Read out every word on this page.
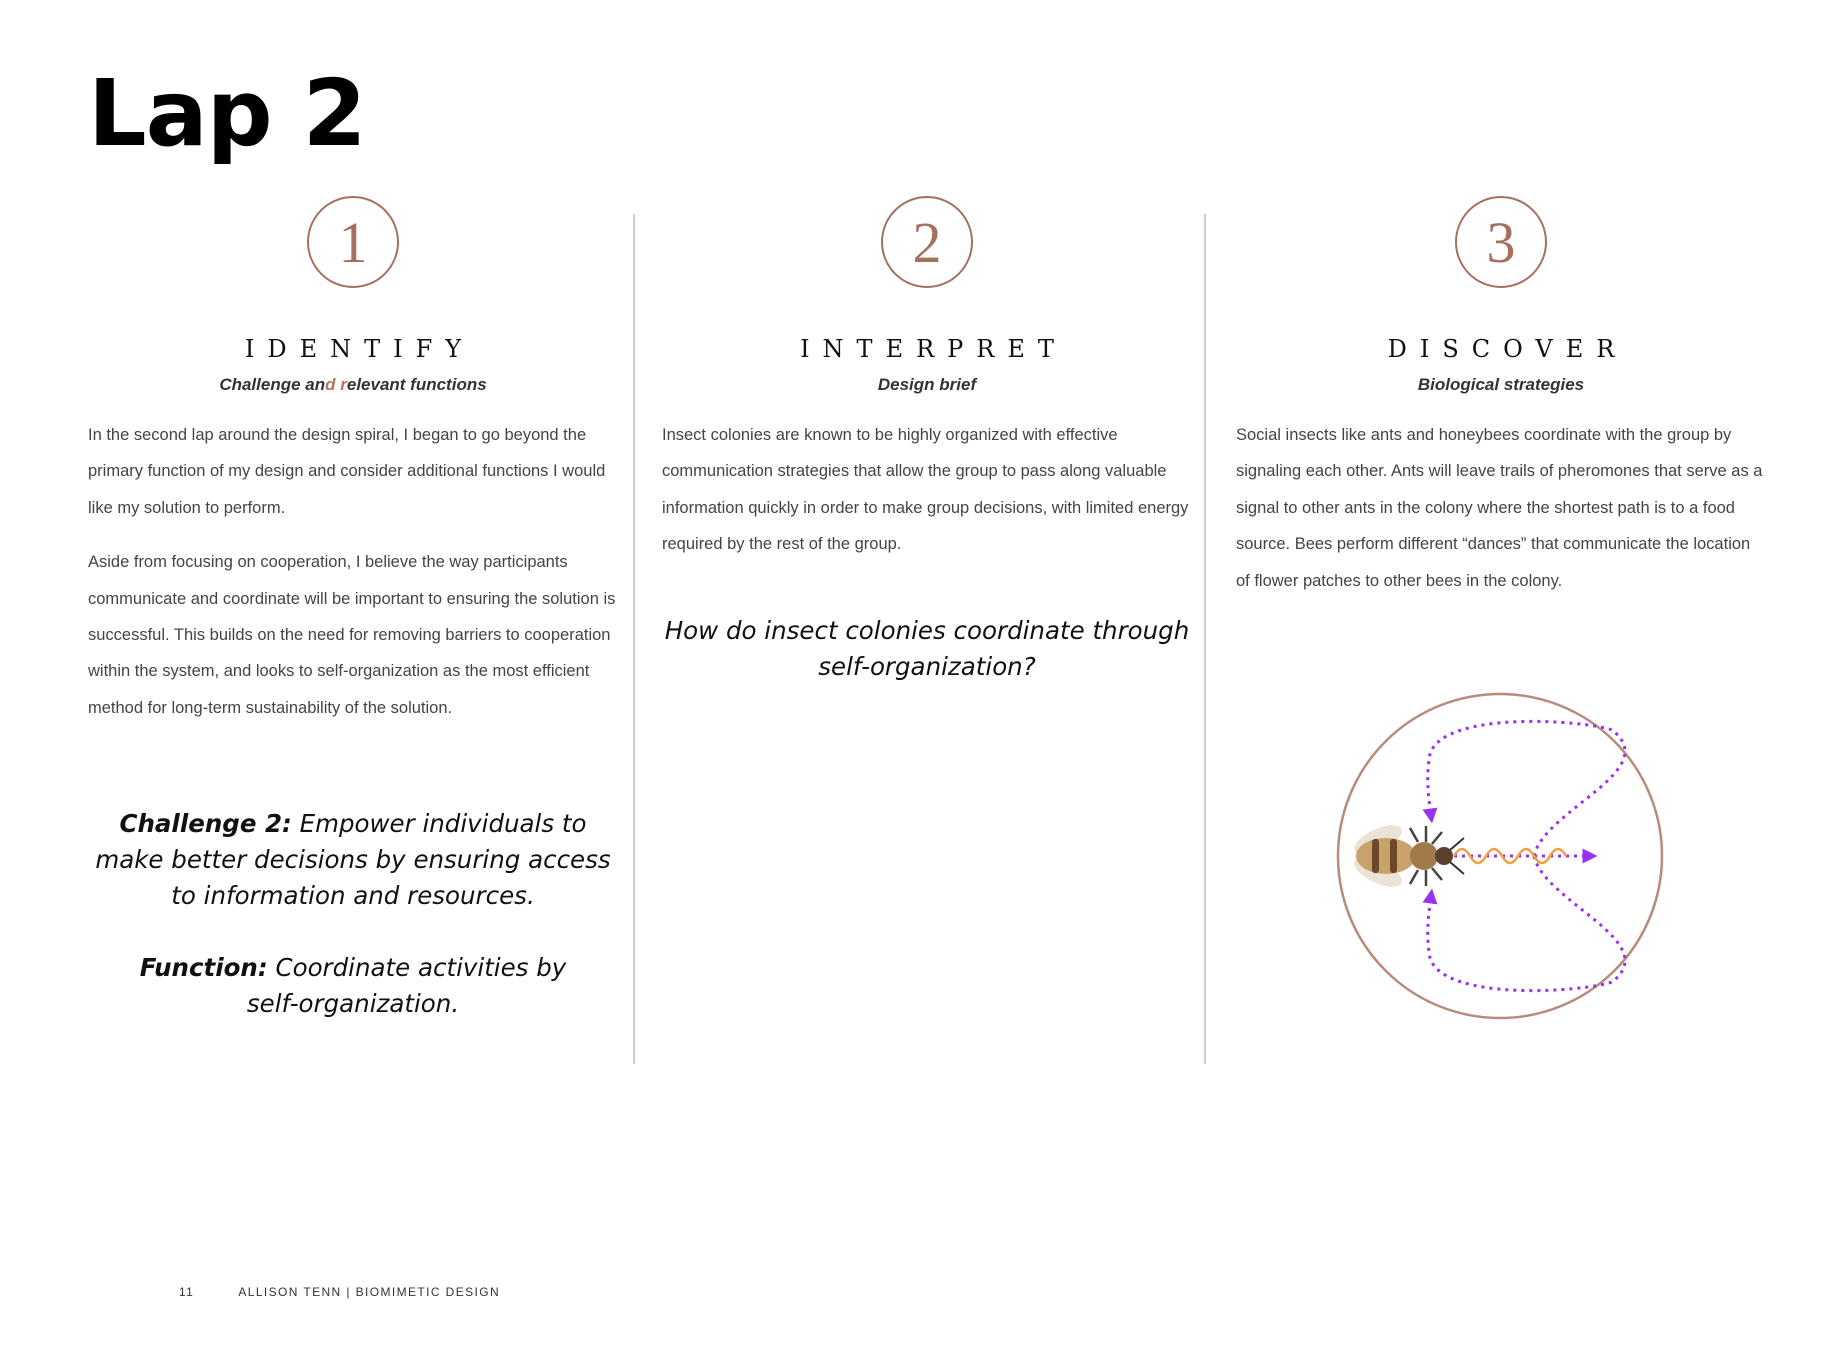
Lap 2
1
IDENTIFY
Challenge and relevant functions

In the second lap around the design spiral, I began to go beyond the primary function of my design and consider additional functions I would like my solution to perform.

Aside from focusing on cooperation, I believe the way participants communicate and coordinate will be important to ensuring the solution is successful. This builds on the need for removing barriers to cooperation within the system, and looks to self-organization as the most efficient method for long-term sustainability of the solution.

Challenge 2: Empower individuals to make better decisions by ensuring access to information and resources.

Function: Coordinate activities by self-organization.

2
INTERPRET
Design brief

Insect colonies are known to be highly organized with effective communication strategies that allow the group to pass along valuable information quickly in order to make group decisions, with limited energy required by the rest of the group.

How do insect colonies coordinate through self-organization?

3
DISCOVER
Biological strategies

Social insects like ants and honeybees coordinate with the group by signaling each other. Ants will leave trails of pheromones that serve as a signal to other ants in the colony where the shortest path is to a food source. Bees perform different “dances” that communicate the location of flower patches to other bees in the colony.

11	ALLISON TENN | BIOMIMETIC DESIGN
